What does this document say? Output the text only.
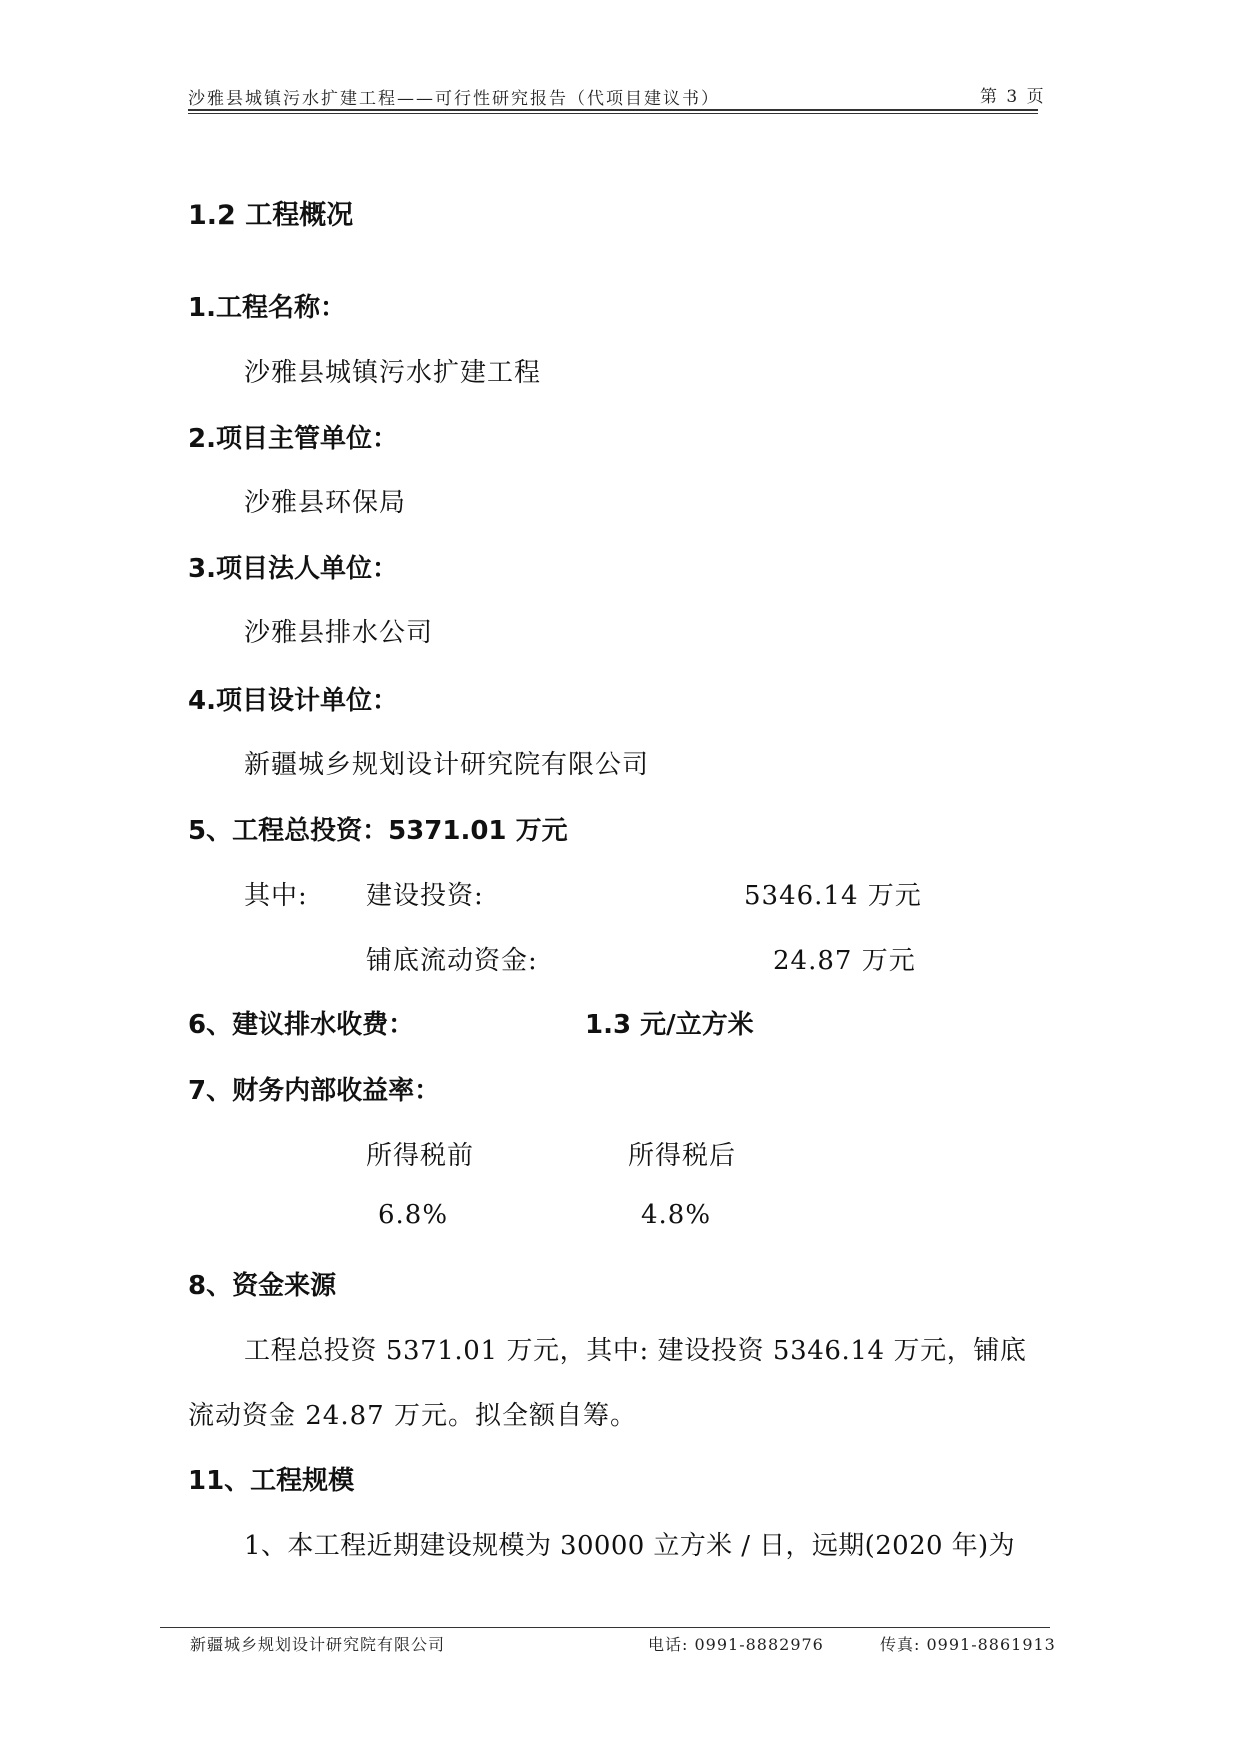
沙雅县城镇污水扩建工程——可行性研究报告（代项目建议书）	第 3 页
1.2 工程概况
1.工程名称：
沙雅县城镇污水扩建工程
2.项目主管单位：
沙雅县环保局
3.项目法人单位：
沙雅县排水公司
4.项目设计单位：
新疆城乡规划设计研究院有限公司
5、工程总投资：5371.01 万元
其中: 建设投资:	5346.14 万元
铺底流动资金:	24.87 万元
6、建议排水收费：	1.3 元/立方米
7、财务内部收益率：
所得税前	所得税后
6.8%	4.8%
8、资金来源
工程总投资 5371.01 万元，其中: 建设投资 5346.14 万元，铺底
流动资金 24.87 万元。拟全额自筹。
11、工程规模
1、本工程近期建设规模为 30000 立方米 / 日，远期(2020 年)为
新疆城乡规划设计研究院有限公司	电话: 0991-8882976	传真: 0991-8861913
